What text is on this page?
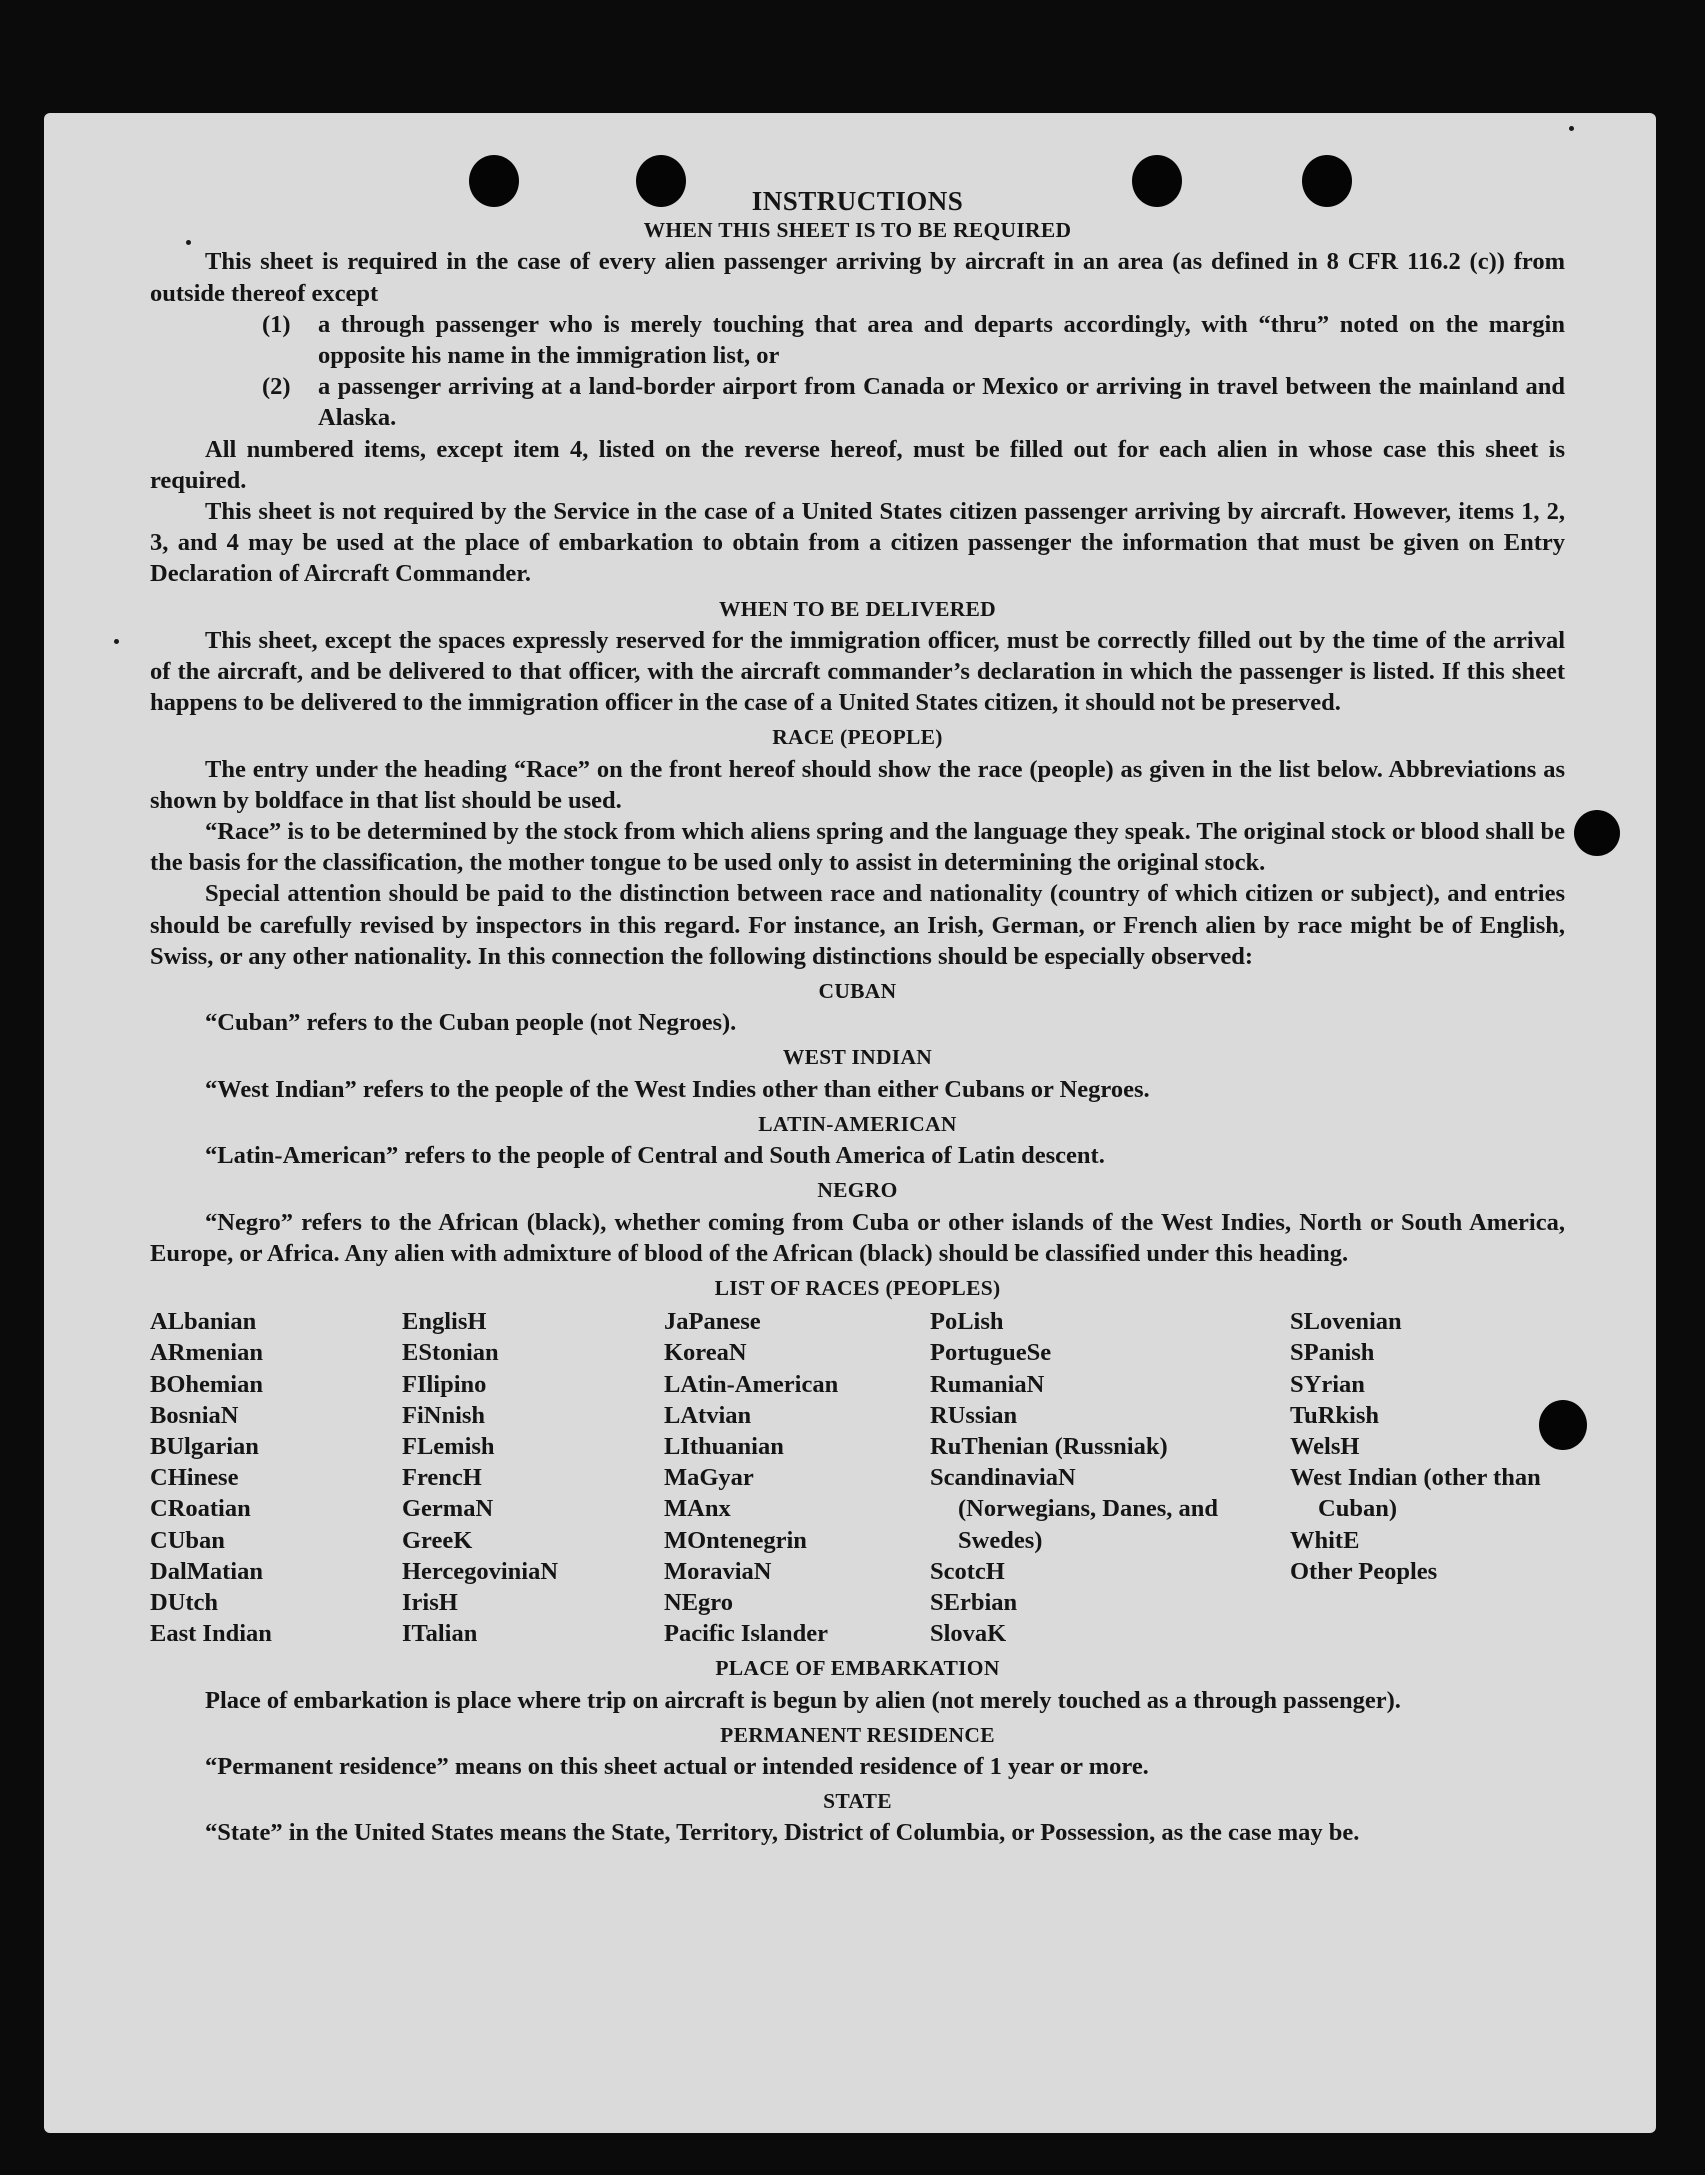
INSTRUCTIONS
WHEN THIS SHEET IS TO BE REQUIRED

This sheet is required in the case of every alien passenger arriving by aircraft in an area (as defined in 8 CFR 116.2 (c)) from outside thereof except

(1)	a through passenger who is merely touching that area and departs accordingly, with “thru” noted on the margin opposite his name in the immigration list, or
(2)	a passenger arriving at a land-border airport from Canada or Mexico or arriving in travel between the mainland and Alaska.

All numbered items, except item 4, listed on the reverse hereof, must be filled out for each alien in whose case this sheet is required.

This sheet is not required by the Service in the case of a United States citizen passenger arriving by aircraft. However, items 1, 2, 3, and 4 may be used at the place of embarkation to obtain from a citizen passenger the information that must be given on Entry Declaration of Aircraft Commander.

WHEN TO BE DELIVERED

This sheet, except the spaces expressly reserved for the immigration officer, must be correctly filled out by the time of the arrival of the aircraft, and be delivered to that officer, with the aircraft commander’s declaration in which the passenger is listed. If this sheet happens to be delivered to the immigration officer in the case of a United States citizen, it should not be preserved.

RACE (PEOPLE)

The entry under the heading “Race” on the front hereof should show the race (people) as given in the list below. Abbreviations as shown by boldface in that list should be used.

“Race” is to be determined by the stock from which aliens spring and the language they speak. The original stock or blood shall be the basis for the classification, the mother tongue to be used only to assist in determining the original stock.

Special attention should be paid to the distinction between race and nationality (country of which citizen or subject), and entries should be carefully revised by inspectors in this regard. For instance, an Irish, German, or French alien by race might be of English, Swiss, or any other nationality. In this connection the following distinctions should be especially observed:

CUBAN

“Cuban” refers to the Cuban people (not Negroes).

WEST INDIAN

“West Indian” refers to the people of the West Indies other than either Cubans or Negroes.

LATIN-AMERICAN

“Latin-American” refers to the people of Central and South America of Latin descent.

NEGRO

“Negro” refers to the African (black), whether coming from Cuba or other islands of the West Indies, North or South America, Europe, or Africa. Any alien with admixture of blood of the African (black) should be classified under this heading.

LIST OF RACES (PEOPLES)
ALbanian
ARmenian
BOhemian
BosniaN
BUlgarian
CHinese
CRoatian
CUban
DalMatian
DUtch
East Indian
EnglisH
EStonian
FIlipino
FiNnish
FLemish
FrencH
GermaN
GreeK
HercegoviniaN
IrisH
ITalian
JaPanese
KoreaN
LAtin-American
LAtvian
LIthuanian
MaGyar
MAnx
MOntenegrin
MoraviaN
NEgro
Pacific Islander
PoLish
PortugueSe
RumaniaN
RUssian
RuThenian (Russniak)
ScandinaviaN (Norwegians, Danes, and Swedes)
ScotcH
SErbian
SlovaK
SLovenian
SPanish
SYrian
TuRkish
WelsH
West Indian (other than Cuban)
WhitE
Other Peoples
PLACE OF EMBARKATION

Place of embarkation is place where trip on aircraft is begun by alien (not merely touched as a through passenger).

PERMANENT RESIDENCE

“Permanent residence” means on this sheet actual or intended residence of 1 year or more.

STATE

“State” in the United States means the State, Territory, District of Columbia, or Possession, as the case may be.
